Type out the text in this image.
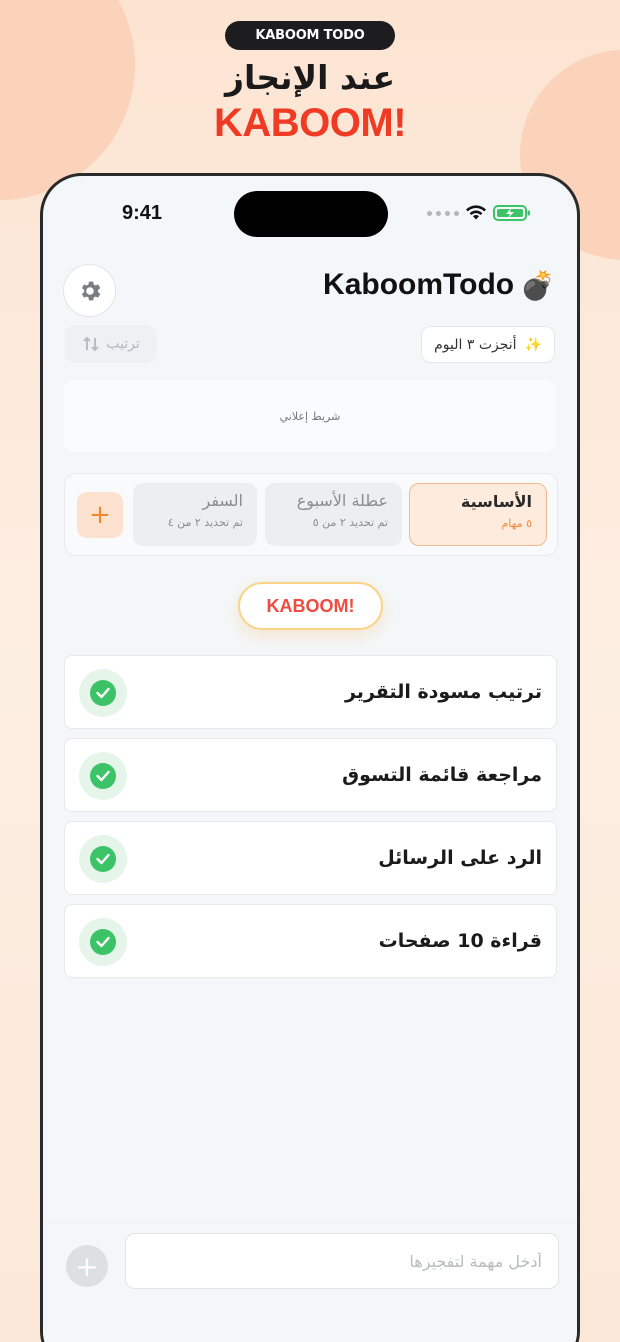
KABOOM TODO
عند الإنجاز
KABOOM!
9:41
KaboomTodo 💣
ترتيب	✨
أنجزت ٣ اليوم
شريط إعلاني
الأساسية
٥ مهام
عطلة الأسبوع
تم تحديد ٢ من ٥
السفر
تم تحديد ٢ من ٤
+
KABOOM!
ترتيب مسودة التقرير
مراجعة قائمة التسوق
الرد على الرسائل
قراءة 10 صفحات
+
أدخل مهمة لتفجيرها
